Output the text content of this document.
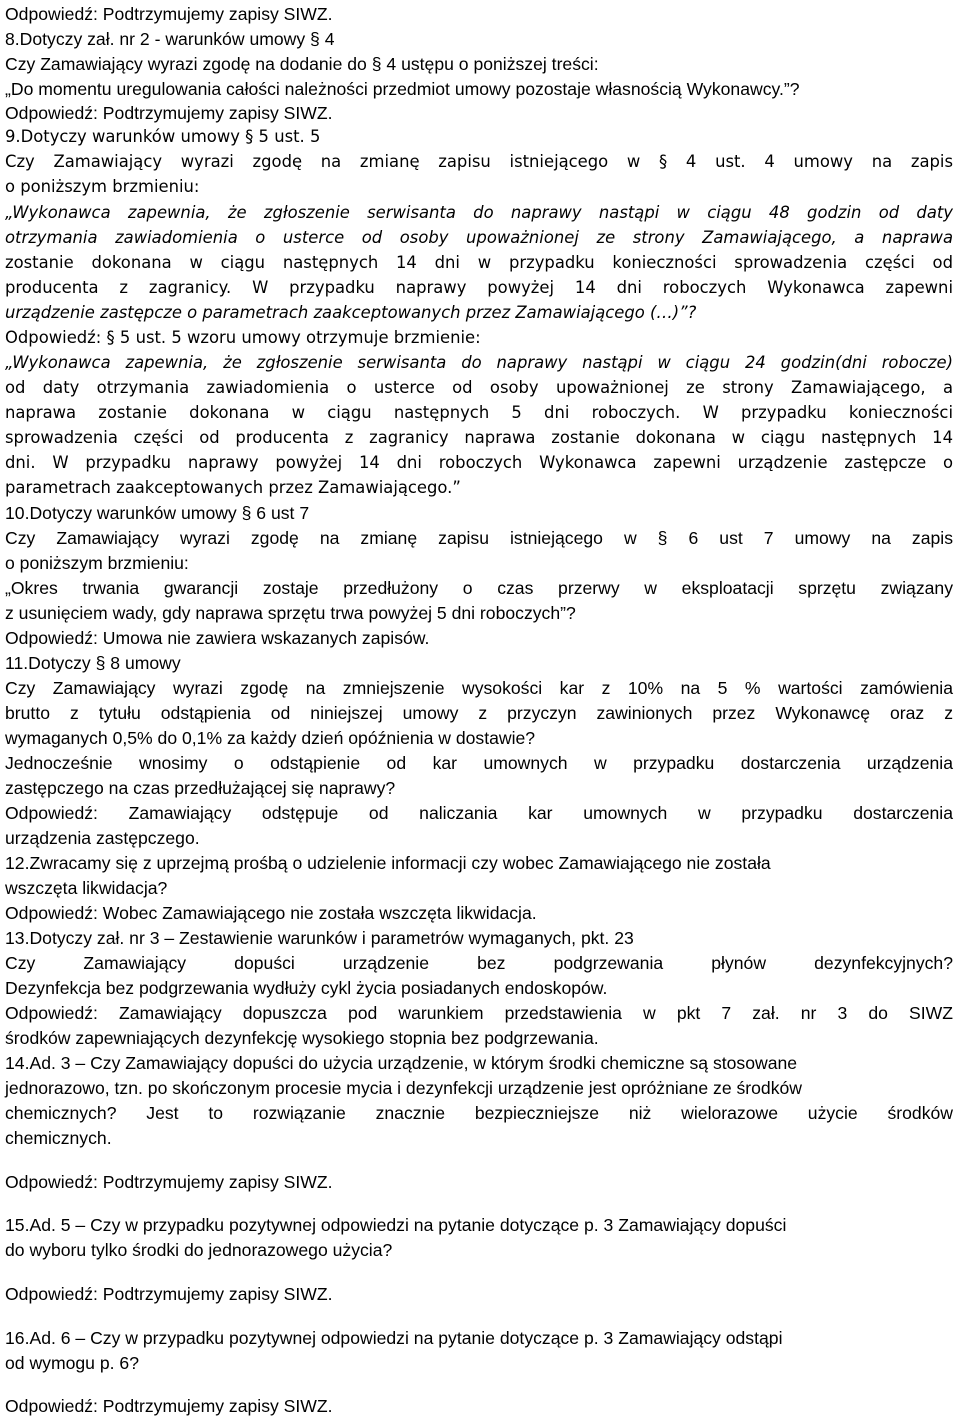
Odpowiedź: Podtrzymujemy zapisy SIWZ.
8.Dotyczy zał. nr 2 - warunków umowy § 4
Czy Zamawiający wyrazi zgodę na dodanie do § 4 ustępu o poniższej treści:
„Do momentu uregulowania całości należności przedmiot umowy pozostaje własnością Wykonawcy.”?
Odpowiedź: Podtrzymujemy zapisy SIWZ.
9.Dotyczy warunków umowy § 5 ust. 5
Czy Zamawiający wyrazi zgodę na zmianę zapisu istniejącego w § 4 ust. 4 umowy na zapis
o poniższym brzmieniu:
„Wykonawca zapewnia, że zgłoszenie serwisanta do naprawy nastąpi w ciągu 48 godzin od daty
otrzymania zawiadomienia o usterce od osoby upoważnionej ze strony Zamawiającego, a naprawa
zostanie dokonana w ciągu następnych 14 dni w przypadku konieczności sprowadzenia części od
producenta z zagranicy. W przypadku naprawy powyżej 14 dni roboczych Wykonawca zapewni
urządzenie zastępcze o parametrach zaakceptowanych przez Zamawiającego (…)”?
Odpowiedź: § 5 ust. 5 wzoru umowy otrzymuje brzmienie:
„Wykonawca zapewnia, że zgłoszenie serwisanta do naprawy nastąpi w ciągu 24 godzin(dni robocze)
od daty otrzymania zawiadomienia o usterce od osoby upoważnionej ze strony Zamawiającego, a
naprawa zostanie dokonana w ciągu następnych 5 dni roboczych. W przypadku konieczności
sprowadzenia części od producenta z zagranicy naprawa zostanie dokonana w ciągu następnych 14
dni. W przypadku naprawy powyżej 14 dni roboczych Wykonawca zapewni urządzenie zastępcze o
parametrach zaakceptowanych przez Zamawiającego.”
10.Dotyczy warunków umowy § 6 ust 7
Czy Zamawiający wyrazi zgodę na zmianę zapisu istniejącego w § 6 ust 7 umowy na zapis
o poniższym brzmieniu:
„Okres trwania gwarancji zostaje przedłużony o czas przerwy w eksploatacji sprzętu związany
z usunięciem wady, gdy naprawa sprzętu trwa powyżej 5 dni roboczych”?
Odpowiedź: Umowa nie zawiera wskazanych zapisów.
11.Dotyczy § 8 umowy
Czy Zamawiający wyrazi zgodę na zmniejszenie wysokości kar z 10% na 5 % wartości zamówienia
brutto z tytułu odstąpienia od niniejszej umowy z przyczyn zawinionych przez Wykonawcę oraz z
wymaganych 0,5% do 0,1% za każdy dzień opóźnienia w dostawie?
Jednocześnie wnosimy o odstąpienie od kar umownych w przypadku dostarczenia urządzenia
zastępczego na czas przedłużającej się naprawy?
Odpowiedź: Zamawiający odstępuje od naliczania kar umownych w przypadku dostarczenia
urządzenia zastępczego.
12.Zwracamy się z uprzejmą prośbą o udzielenie informacji czy wobec Zamawiającego nie została
wszczęta likwidacja?
Odpowiedź: Wobec Zamawiającego nie została wszczęta likwidacja.
13.Dotyczy zał. nr 3 – Zestawienie warunków i parametrów wymaganych, pkt. 23
Czy Zamawiający dopuści urządzenie bez podgrzewania płynów dezynfekcyjnych?
Dezynfekcja bez podgrzewania wydłuży cykl życia posiadanych endoskopów.
Odpowiedź: Zamawiający dopuszcza pod warunkiem przedstawienia w pkt 7 zał. nr 3 do SIWZ
środków zapewniających dezynfekcję wysokiego stopnia bez podgrzewania.
14.Ad. 3 – Czy Zamawiający dopuści do użycia urządzenie, w którym środki chemiczne są stosowane
jednorazowo, tzn. po skończonym procesie mycia i dezynfekcji urządzenie jest opróżniane ze środków
chemicznych? Jest to rozwiązanie znacznie bezpieczniejsze niż wielorazowe użycie środków
chemicznych.
Odpowiedź: Podtrzymujemy zapisy SIWZ.
15.Ad. 5 – Czy w przypadku pozytywnej odpowiedzi na pytanie dotyczące p. 3 Zamawiający dopuści
do wyboru tylko środki do jednorazowego użycia?
Odpowiedź: Podtrzymujemy zapisy SIWZ.
16.Ad. 6 – Czy w przypadku pozytywnej odpowiedzi na pytanie dotyczące p. 3 Zamawiający odstąpi
od wymogu p. 6?
Odpowiedź: Podtrzymujemy zapisy SIWZ.
